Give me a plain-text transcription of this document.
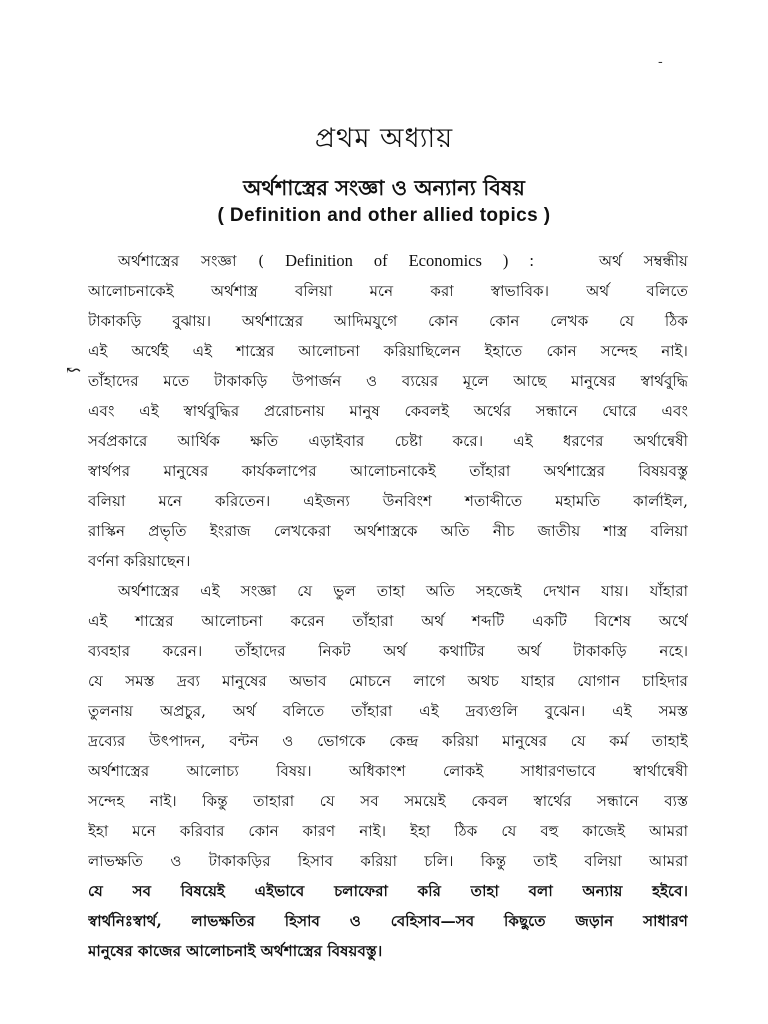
-
প্রথম অধ্যায়
অর্থশাস্ত্রের সংজ্ঞা ও অন্যান্য বিষয়
( Definition and other allied topics )
↜
অর্থশাস্ত্রের সংজ্ঞা ( Definition of Economics ) :	অর্থ সম্বন্ধীয়
আলোচনাকেই অর্থশাস্ত্র বলিয়া মনে করা স্বাভাবিক। অর্থ বলিতে
টাকাকড়ি বুঝায়। অর্থশাস্ত্রের আদিমযুগে কোন কোন লেখক যে ঠিক
এই অর্থেই এই শাস্ত্রের আলোচনা করিয়াছিলেন ইহাতে কোন সন্দেহ নাই।
তাঁহাদের মতে টাকাকড়ি উপার্জন ও ব্যয়ের মূলে আছে মানুষের স্বার্থবুদ্ধি
এবং এই স্বার্থবুদ্ধির প্ররোচনায় মানুষ কেবলই অর্থের সন্ধানে ঘোরে এবং
সর্বপ্রকারে আর্থিক ক্ষতি এড়াইবার চেষ্টা করে। এই ধরণের অর্থান্বেষী
স্বার্থপর মানুষের কার্যকলাপের আলোচনাকেই তাঁহারা অর্থশাস্ত্রের বিষয়বস্তু
বলিয়া মনে করিতেন। এইজন্য উনবিংশ শতাব্দীতে মহামতি কার্লাইল,
রাস্কিন প্রভৃতি ইংরাজ লেখকেরা অর্থশাস্ত্রকে অতি নীচ জাতীয় শাস্ত্র বলিয়া
বর্ণনা করিয়াছেন।
অর্থশাস্ত্রের এই সংজ্ঞা যে ভুল তাহা অতি সহজেই দেখান যায়। যাঁহারা
এই শাস্ত্রের আলোচনা করেন তাঁহারা অর্থ শব্দটি একটি বিশেষ অর্থে
ব্যবহার করেন। তাঁহাদের নিকট অর্থ কথাটির অর্থ টাকাকড়ি নহে।
যে সমস্ত দ্রব্য মানুষের অভাব মোচনে লাগে অথচ যাহার যোগান চাহিদার
তুলনায় অপ্রচুর, অর্থ বলিতে তাঁহারা এই দ্রব্যগুলি বুঝেন। এই সমস্ত
দ্রব্যের উৎপাদন, বন্টন ও ভোগকে কেন্দ্র করিয়া মানুষের যে কর্ম তাহাই
অর্থশাস্ত্রের আলোচ্য বিষয়। অধিকাংশ লোকই সাধারণভাবে স্বার্থান্বেষী
সন্দেহ নাই। কিন্তু তাহারা যে সব সময়েই কেবল স্বার্থের সন্ধানে ব্যস্ত
ইহা মনে করিবার কোন কারণ নাই। ইহা ঠিক যে বহু কাজেই আমরা
লাভক্ষতি ও টাকাকড়ির হিসাব করিয়া চলি। কিন্তু তাই বলিয়া আমরা
যে সব বিষয়েই এইভাবে চলাফেরা করি তাহা বলা অন্যায় হইবে।
স্বার্থনিঃস্বার্থ, লাভক্ষতির হিসাব ও বেহিসাব—সব কিছুতে জড়ান সাধারণ
মানুষের কাজের আলোচনাই অর্থশাস্ত্রের বিষয়বস্তু।
